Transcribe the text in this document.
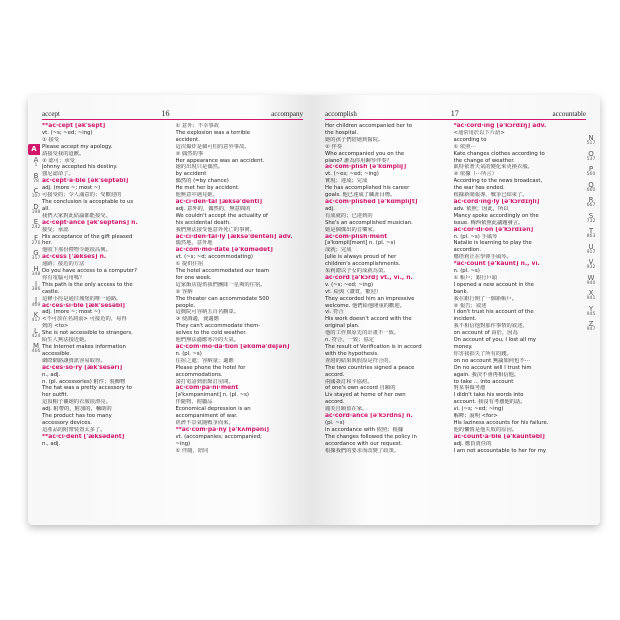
accept	16	accompany
**ac·cept [ək'sept]
vt. (~s; ~ed; ~ing)
① 接受
Please accept my apology.
請接受我的道歉。
② 認可；承受
Johnny accepted his destiny.
強尼認命了。
ac·cept·a·ble [ək'septəbl]
adj. (more ~; most ~)
可接受的；令人滿意的；受歡迎的
The conclusion is acceptable to us
all.
我們大家對此結論都能接受。
ac·cept·ance [ək'septəns] n.
接受；承認
His acceptance of the gift pleased
her.
他收下那份禮物令她很高興。
ac·cess ['ækses] n.
通路；接近的方法
Do you have access to a computer?
你有電腦可用嗎？
This path is the only access to the
castle.
這條小徑是通往城堡的唯一通路。
ac·ces·si·ble [æk'sesəbl]
adj. (more ~; most ~)
<不可放在名詞前> 可接近的，易得
到的 <to>
She is not accessible to strangers.
陌生人無法接近她。
The Internet makes information
accessible.
網際網路讓資訊容易取得。
ac·ces·so·ry [æk'sesəri]
n., adj.
n. (pl. accessories) 附件；裝飾物
The hat was a pretty accessory to
her outfit.
這頂帽子襯她的衣服很漂亮。
adj. 附帶的，附加的，輔助的
The product has too many
accessory devices.
這產品的附帶裝置太多了。
**ac·ci·dent ['æksədənt]
n., adj.
① 意外；不幸事故
The explosion was a terrible
accident.
這次爆炸是個可怕的意外事故。
② 偶然的事
Her appearance was an accident.
她的出現只是偶然。
by accident
偶然的 (=by chance)
He met her by accident.
他無意中遇見她。
ac·ci·den·tal [æksə'dentl]
adj. 意外的，偶然的，無意間的
We couldn't accept the actuality of
his accidental death.
我們無法接受他意外死亡的事實。
ac·ci·den·tal·ly [æksə'dentəli] adv.
偶然地，意外地
ac·com·mo·date [ə'kɑmədet]
vt. (~s; ~d; accommodating)
① 提供住宿
The hotel accommodated our team
for one week.
這家飯店提供我們團隊一星期的住宿。
② 容納
The theater can accommodate 500
people.
這戲院可容納五百名觀眾。
③ 使調適，使適應
They can't accommodate them-
selves to the cold weather.
他們無法適應寒冷的天氣。
ac·com·mo·da·tion [əkɑmə'deʃən]
n. (pl. ~s)
住宿之處；容納量；適應
Please phone the hotel for
accommodations.
請打電話到旅館訂房間。
ac·com·pa·ni·ment
[ə'kʌmpənimənt] n. (pl. ~s)
伴隨物，附屬品
Economical depression is an
accompaniment of war.
經濟不景氣隨戰爭而來。
**ac·com·pa·ny [ə'kʌmpəni]
vt. (accompanies; accompanied;
~ing)
① 伴隨，陪同
A
A
1
B
78
C
107
D
198
E
242
F
276
G
317
H
348
I
386
J
409
K
417
L
424
M
466
accomplish	17	accountable
Her children accompanied her to
the hospital.
她的孩子們陪她到醫院。
② 伴奏
Who accompanied you on the
piano? 誰為你用鋼琴伴奏？
ac·com·plish [ə'kɑmpliʃ]
vt. (~es; ~ed; ~ing)
實現；達成；完成
He has accomplished his career
goals. 他已達成了職涯目標。
ac·com·plished [ə'kɑmpliʃt]
adj.
有成就的；已達到的
She's an accomplished musician.
她是個傑出的音樂家。
ac·com·plish·ment
[ə'kɑmpliʃmənt] n. (pl. ~s)
成就；完成
Julie is always proud of her
children's accomplishments.
茱莉總以子女的成就為榮。
ac·cord [ə'kɔrd] vt., vi., n.
v. (~s; ~ed; ~ing)
vt. 給與（讚賞，歡迎）
They accorded him an impressive
welcome. 他們給他隆重的歡迎。
vi. 符合
His work doesn't accord with the
original plan.
他的工作與原先的計畫不一致。
n. 符合，一致；協定
The result of Verification is in accord
with the hypothesis.
查證的結果與假設是符合的。
The two countries signed a peace
accord.
兩國簽訂和平協約。
of one's own accord 自願的
Liv stayed at home of her own
accord.
麗芙自願留在家。
ac·cord·ance [ə'kɔrdns] n.
(pl. ~s)
in accordance with 依照；根據
The changes followed the policy in
accordance with our request.
根據我們的要求而改變了政策。
*ac·cord·ing [ə'kɔrdɪŋ] adv.
<通常用於以下片語>
according to
① 依照⋯
Kate changes clothes according to
the change of weather.
凱特依著天氣的變化來更換衣服。
② 依據（⋯所言）
According to the news broadcast,
the war has ended.
根據新聞報導，戰爭已結束了。
ac·cord·ing·ly [ə'kɔrdɪŋli]
adv. 依照；因此，所以
Mancy spoke accordingly on the
issue. 梅西依照此議題發言。
ac·cor·di·on [ə'kɔrdɪən]
n. (pl. ~s) 手風琴
Natalie is learning to play the
accordion.
娜塔莉正在學彈手風琴。
*ac·count [ə'kaunt] n., vi.
n. (pl. ~s)
① 帳戶；銀行戶頭
I opened a new account in the
bank.
我在銀行開了一個新帳戶。
② 報告；敘述
I don't trust his account of the
incident.
我不相信他對那件事情的敘述。
on account of 由於，因為
On account of you, I lost all my
money.
你害我損失了所有的錢。
on no account 無論如何也不⋯
On no account will I trust him
again. 我決不會再相信他。
to take ... into account
對某事做考慮
I didn't take his words into
account. 我沒有考慮他的話。
vi. (~s; ~ed; ~ing)
解釋；說明 <for>
His laziness accounts for his failure.
他的懶惰是他失敗的原因。
ac·count·a·ble [ə'kauntəbl]
adj. 應負責任的
I am not accountable to her for my
N
517
O
537
P
560
Q
660
R
667
S
732
T
863
U
917
V
932
W
940
X
941
Y
945
Z
947
